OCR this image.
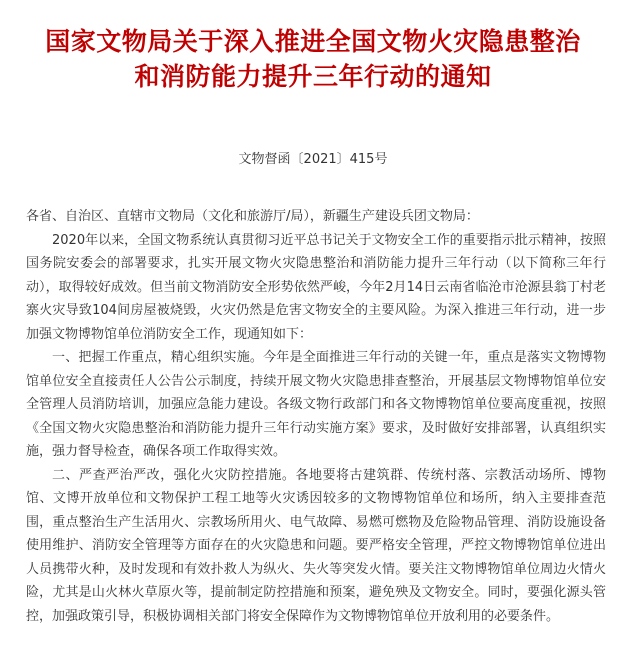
国家文物局关于深入推进全国文物火灾隐患整治
和消防能力提升三年行动的通知
文物督函〔2021〕415号

各省、自治区、直辖市文物局（文化和旅游厅/局），新疆生产建设兵团文物局：

2020年以来，全国文物系统认真贯彻习近平总书记关于文物安全工作的重要指示批示精神，按照国务院安委会的部署要求，扎实开展文物火灾隐患整治和消防能力提升三年行动（以下简称三年行动），取得较好成效。但当前文物消防安全形势依然严峻，今年2月14日云南省临沧市沧源县翁丁村老寨火灾导致104间房屋被烧毁，火灾仍然是危害文物安全的主要风险。为深入推进三年行动，进一步加强文物博物馆单位消防安全工作，现通知如下：

一、把握工作重点，精心组织实施。今年是全面推进三年行动的关键一年，重点是落实文物博物馆单位安全直接责任人公告公示制度，持续开展文物火灾隐患排查整治，开展基层文物博物馆单位安全管理人员消防培训，加强应急能力建设。各级文物行政部门和各文物博物馆单位要高度重视，按照《全国文物火灾隐患整治和消防能力提升三年行动实施方案》要求，及时做好安排部署，认真组织实施，强力督导检查，确保各项工作取得实效。

二、严查严治严改，强化火灾防控措施。各地要将古建筑群、传统村落、宗教活动场所、博物馆、文博开放单位和文物保护工程工地等火灾诱因较多的文物博物馆单位和场所，纳入主要排查范围，重点整治生产生活用火、宗教场所用火、电气故障、易燃可燃物及危险物品管理、消防设施设备使用维护、消防安全管理等方面存在的火灾隐患和问题。要严格安全管理，严控文物博物馆单位进出人员携带火种，及时发现和有效扑救人为纵火、失火等突发火情。要关注文物博物馆单位周边火情火险，尤其是山火林火草原火等，提前制定防控措施和预案，避免殃及文物安全。同时，要强化源头管控，加强政策引导，积极协调相关部门将安全保障作为文物博物馆单位开放利用的必要条件。
